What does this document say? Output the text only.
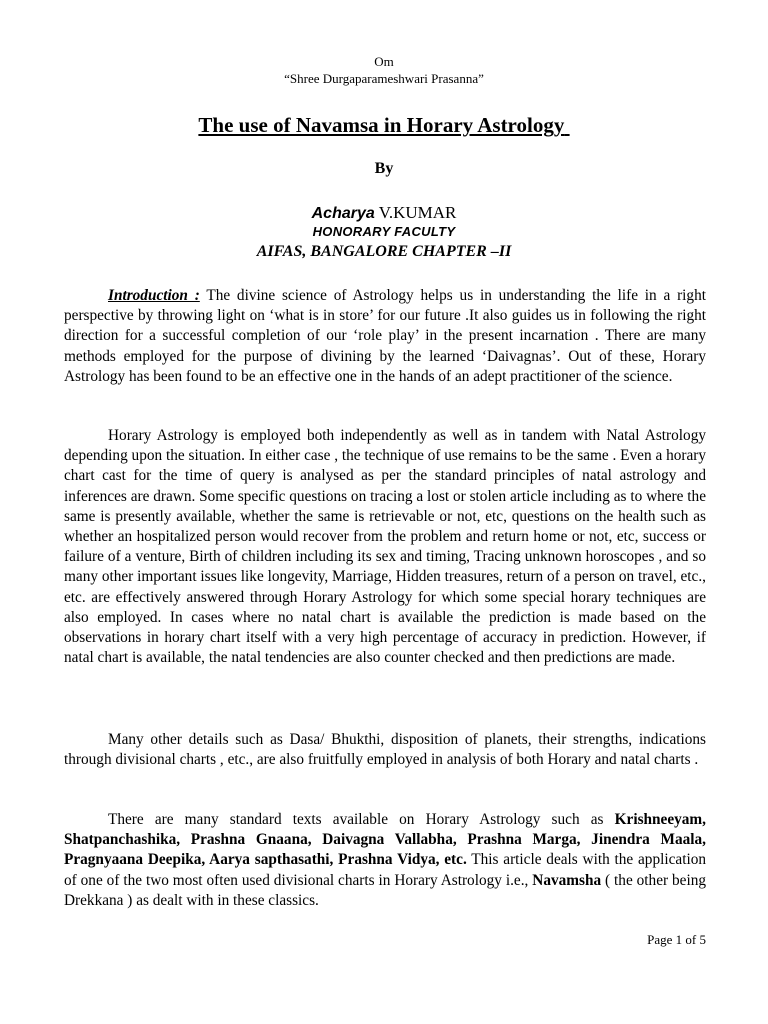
Om
“Shree Durgaparameshwari Prasanna”
The use of Navamsa in Horary Astrology
By
Acharya V.KUMAR
HONORARY FACULTY
AIFAS, BANGALORE CHAPTER –II

Introduction : The divine science of Astrology helps us in understanding the life in a right perspective by throwing light on ‘what is in store’ for our future .It also guides us in following the right direction for a successful completion of our ‘role play’ in the present incarnation . There are many methods employed for the purpose of divining by the learned ‘Daivagnas’. Out of these, Horary Astrology has been found to be an effective one in the hands of an adept practitioner of the science.

Horary Astrology is employed both independently as well as in tandem with Natal Astrology depending upon the situation. In either case , the technique of use remains to be the same . Even a horary chart cast for the time of query is analysed as per the standard principles of natal astrology and inferences are drawn. Some specific questions on tracing a lost or stolen article including as to where the same is presently available, whether the same is retrievable or not, etc, questions on the health such as whether an hospitalized person would recover from the problem and return home or not, etc, success or failure of a venture, Birth of children including its sex and timing, Tracing unknown horoscopes , and so many other important issues like longevity, Marriage, Hidden treasures, return of a person on travel, etc., etc. are effectively answered through Horary Astrology for which some special horary techniques are also employed. In cases where no natal chart is available the prediction is made based on the observations in horary chart itself with a very high percentage of accuracy in prediction. However, if natal chart is available, the natal tendencies are also counter checked and then predictions are made.

Many other details such as Dasa/ Bhukthi, disposition of planets, their strengths, indications through divisional charts , etc., are also fruitfully employed in analysis of both Horary and natal charts .

There are many standard texts available on Horary Astrology such as Krishneeyam, Shatpanchashika, Prashna Gnaana, Daivagna Vallabha, Prashna Marga, Jinendra Maala, Pragnyaana Deepika, Aarya sapthasathi, Prashna Vidya, etc. This article deals with the application of one of the two most often used divisional charts in Horary Astrology i.e., Navamsha ( the other being Drekkana ) as dealt with in these classics.

Page 1 of 5
